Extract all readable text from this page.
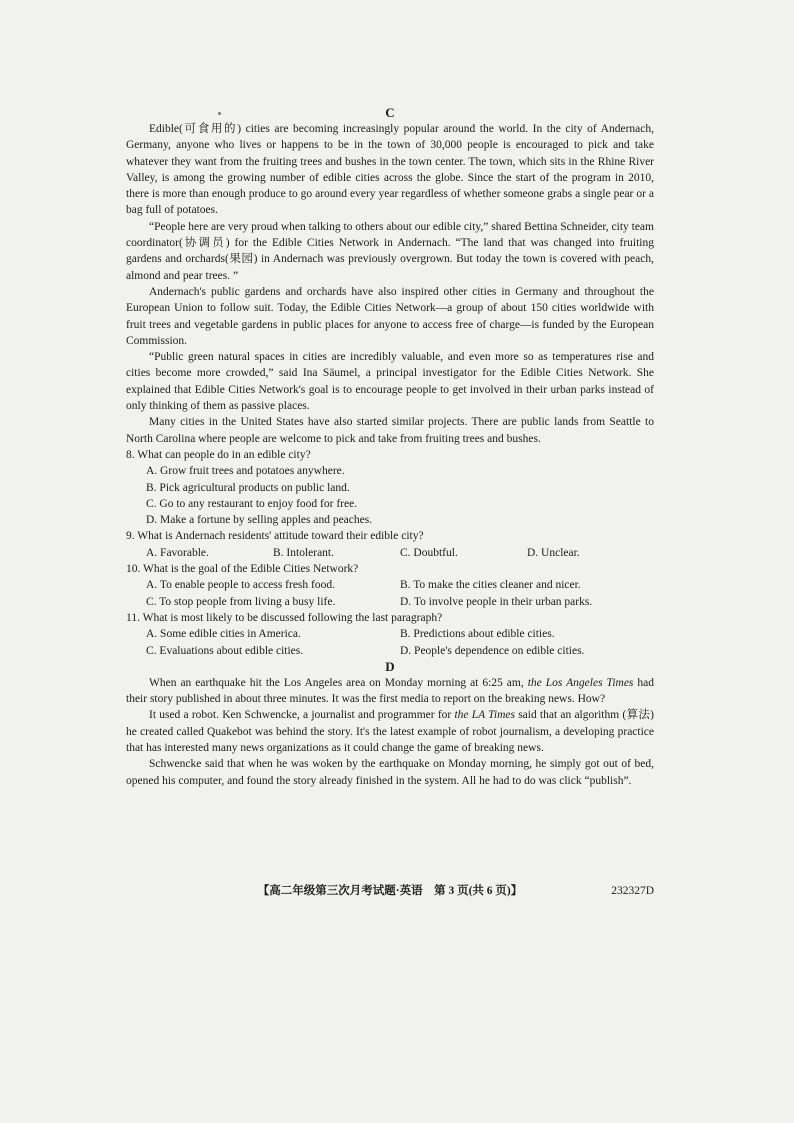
C

Edible(可食用的) cities are becoming increasingly popular around the world. In the city of Andernach, Germany, anyone who lives or happens to be in the town of 30,000 people is encouraged to pick and take whatever they want from the fruiting trees and bushes in the town center. The town, which sits in the Rhine River Valley, is among the growing number of edible cities across the globe. Since the start of the program in 2010, there is more than enough produce to go around every year regardless of whether someone grabs a single pear or a bag full of potatoes.

“People here are very proud when talking to others about our edible city,” shared Bettina Schneider, city team coordinator(协调员) for the Edible Cities Network in Andernach. “The land that was changed into fruiting gardens and orchards(果园) in Andernach was previously overgrown. But today the town is covered with peach, almond and pear trees. ”

Andernach's public gardens and orchards have also inspired other cities in Germany and throughout the European Union to follow suit. Today, the Edible Cities Network—a group of about 150 cities worldwide with fruit trees and vegetable gardens in public places for anyone to access free of charge—is funded by the European Commission.

“Public green natural spaces in cities are incredibly valuable, and even more so as temperatures rise and cities become more crowded,” said Ina Säumel, a principal investigator for the Edible Cities Network. She explained that Edible Cities Network's goal is to encourage people to get involved in their urban parks instead of only thinking of them as passive places.

Many cities in the United States have also started similar projects. There are public lands from Seattle to North Carolina where people are welcome to pick and take from fruiting trees and bushes.

8. What can people do in an edible city?

A. Grow fruit trees and potatoes anywhere.
B. Pick agricultural products on public land.
C. Go to any restaurant to enjoy food for free.
D. Make a fortune by selling apples and peaches.

9. What is Andernach residents' attitude toward their edible city?

A. Favorable.	B. Intolerant.	C. Doubtful.	D. Unclear.

10. What is the goal of the Edible Cities Network?

A. To enable people to access fresh food.	B. To make the cities cleaner and nicer.
C. To stop people from living a busy life.	D. To involve people in their urban parks.

11. What is most likely to be discussed following the last paragraph?

A. Some edible cities in America.	B. Predictions about edible cities.
C. Evaluations about edible cities.	D. People's dependence on edible cities.

D

When an earthquake hit the Los Angeles area on Monday morning at 6:25 am, the Los Angeles Times had their story published in about three minutes. It was the first media to report on the breaking news. How?

It used a robot. Ken Schwencke, a journalist and programmer for the LA Times said that an algorithm (算法) he created called Quakebot was behind the story. It's the latest example of robot journalism, a developing practice that has interested many news organizations as it could change the game of breaking news.

Schwencke said that when he was woken by the earthquake on Monday morning, he simply got out of bed, opened his computer, and found the story already finished in the system. All he had to do was click “publish”.

【高二年级第三次月考试题·英语　第 3 页(共 6 页)】	232327D
